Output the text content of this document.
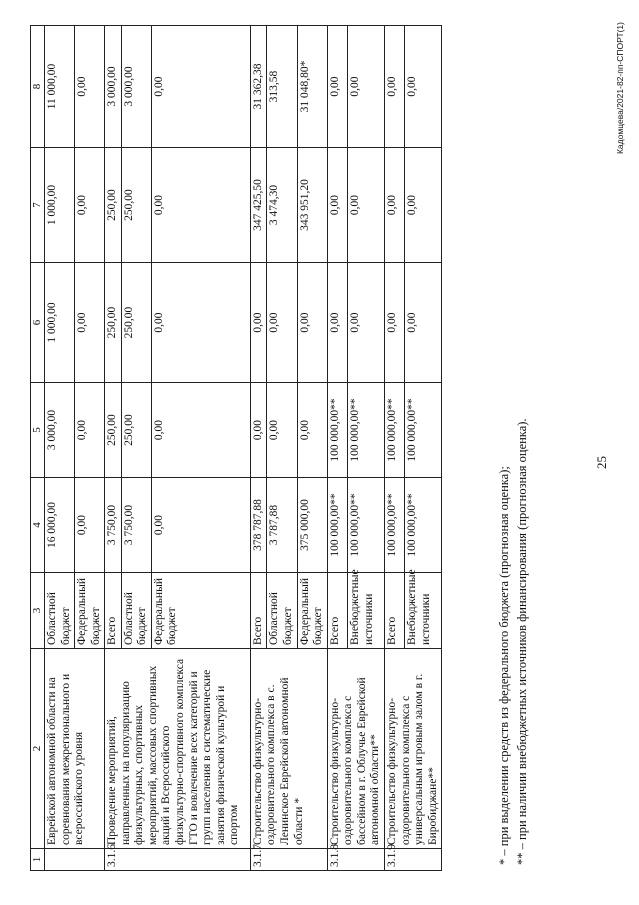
25
1	2	3	4	5	6	7	8
	Еврейской автономной области на соревнования межрегионального и всероссийского уровня	Областной бюджет	16 000,00	3 000,00	1 000,00	1 000,00	11 000,00
		Федеральный бюджет	0,00	0,00	0,00	0,00	0,00
3.1.6	Проведение мероприятий, направленных на популяризацию физкультурных, спортивных мероприятий, массовых спортивных акций и Всероссийского физкультурно-спортивного комплекса ГТО и вовлечение всех категорий и групп населения в систематические занятия физической культурой и спортом	Всего	3 750,00	250,00	250,00	250,00	3 000,00
		Областной бюджет	3 750,00	250,00	250,00	250,00	3 000,00
		Федеральный бюджет	0,00	0,00	0,00	0,00	0,00
3.1.7	Строительство физкультурно-оздоровительного комплекса в с. Ленинское Еврейской автономной области *	Всего	378 787,88	0,00	0,00	347 425,50	31 362,38
		Областной бюджет	3 787,88	0,00	0,00	3 474,30	313,58
		Федеральный бюджет	375 000,00	0,00	0,00	343 951,20	31 048,80*
3.1.8	Строительство физкультурно-оздоровительного комплекса с бассейном в г. Облучье Еврейской автономной области**	Всего	100 000,00**	100 000,00**	0,00	0,00	0,00
		Внебюджетные источники	100 000,00**	100 000,00**	0,00	0,00	0,00
3.1.9	Строительство физкультурно-оздоровительного комплекса с универсальным игровым залом в г. Биробиджане**	Всего	100 000,00**	100 000,00**	0,00	0,00	0,00
		Внебюджетные источники	100 000,00**	100 000,00**	0,00	0,00	0,00
* – при выделении средств из федерального бюджета (прогнозная оценка); ** – при наличии внебюджетных источников финансирования (прогнозная оценка).
Кадомцева/2021-82-пп-СПОРТ(1)
